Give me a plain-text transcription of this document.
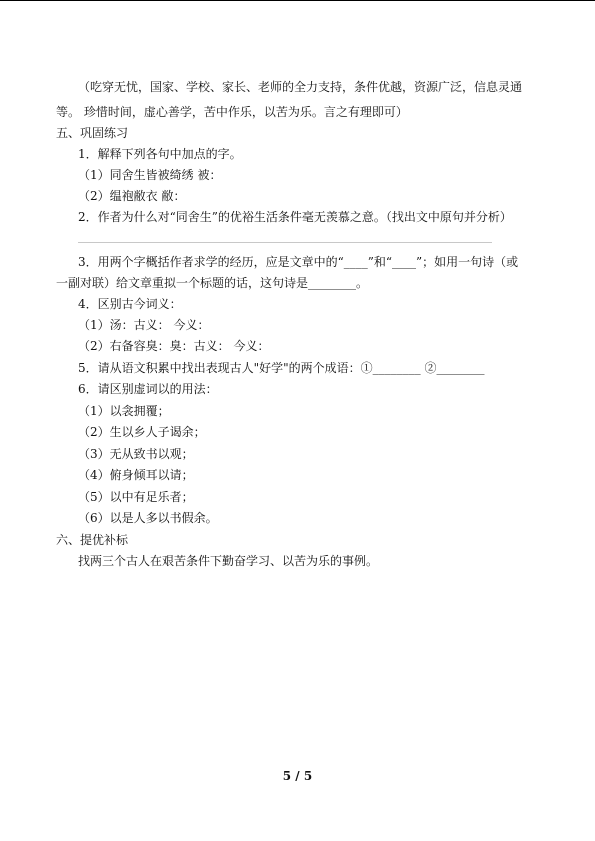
（吃穿无忧，国家、学校、家长、老师的全力支持，条件优越，资源广泛，信息灵通
等。 珍惜时间，虚心善学，苦中作乐，以苦为乐。言之有理即可）
五、巩固练习
1．解释下列各句中加点的字。
（1）同舍生皆被绮绣 被：
（2）缊袍敝衣 敝：
2．作者为什么对“同舍生”的优裕生活条件毫无羡慕之意。（找出文中原句并分析）
3．用两个字概括作者求学的经历，应是文章中的“____”和“____”；如用一句诗（或
一副对联）给文章重拟一个标题的话，这句诗是________。
4．区别古今词义：
（1）汤：古义： 今义：
（2）右备容臭：臭：古义： 今义：
5．请从语文积累中找出表现古人"好学"的两个成语：①________ ②________
6．请区别虚词以的用法：
（1）以衾拥覆；
（2）生以乡人子谒余；
（3）无从致书以观；
（4）俯身倾耳以请；
（5）以中有足乐者；
（6）以是人多以书假余。
六、提优补标
找两三个古人在艰苦条件下勤奋学习、以苦为乐的事例。
5 / 5
